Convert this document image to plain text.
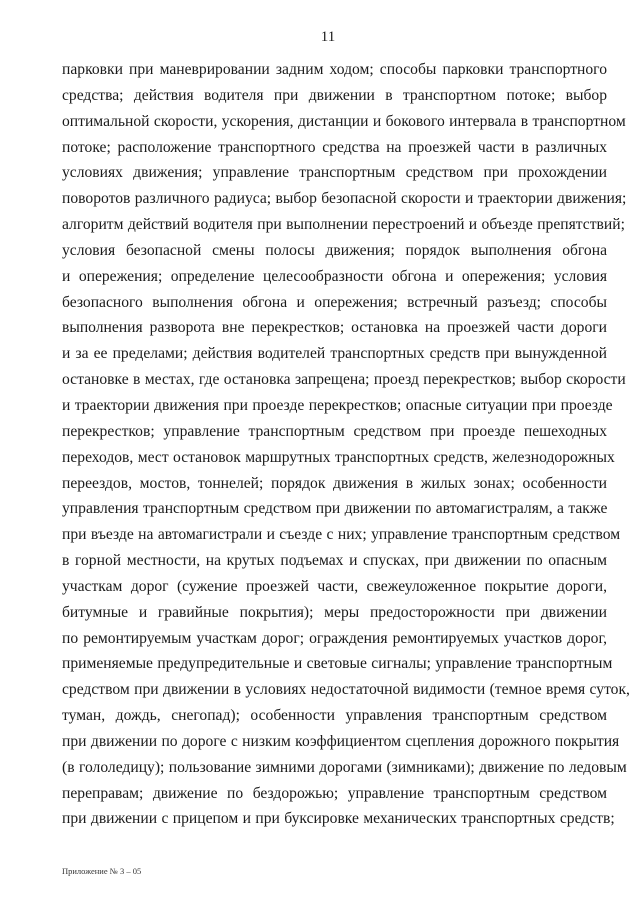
11

парковки при маневрировании задним ходом; способы парковки транспортного
средства; действия водителя при движении в транспортном потоке; выбор
оптимальной скорости, ускорения, дистанции и бокового интервала в транспортном
потоке; расположение транспортного средства на проезжей части в различных
условиях движения; управление транспортным средством при прохождении
поворотов различного радиуса; выбор безопасной скорости и траектории движения;
алгоритм действий водителя при выполнении перестроений и объезде препятствий;
условия безопасной смены полосы движения; порядок выполнения обгона
и опережения; определение целесообразности обгона и опережения; условия
безопасного выполнения обгона и опережения; встречный разъезд; способы
выполнения разворота вне перекрестков; остановка на проезжей части дороги
и за ее пределами; действия водителей транспортных средств при вынужденной
остановке в местах, где остановка запрещена; проезд перекрестков; выбор скорости
и траектории движения при проезде перекрестков; опасные ситуации при проезде
перекрестков; управление транспортным средством при проезде пешеходных
переходов, мест остановок маршрутных транспортных средств, железнодорожных
переездов, мостов, тоннелей; порядок движения в жилых зонах; особенности
управления транспортным средством при движении по автомагистралям, а также
при въезде на автомагистрали и съезде с них; управление транспортным средством
в горной местности, на крутых подъемах и спусках, при движении по опасным
участкам дорог (сужение проезжей части, свежеуложенное покрытие дороги,
битумные и гравийные покрытия); меры предосторожности при движении
по ремонтируемым участкам дорог; ограждения ремонтируемых участков дорог,
применяемые предупредительные и световые сигналы; управление транспортным
средством при движении в условиях недостаточной видимости (темное время суток,
туман, дождь, снегопад); особенности управления транспортным средством
при движении по дороге с низким коэффициентом сцепления дорожного покрытия
(в гололедицу); пользование зимними дорогами (зимниками); движение по ледовым
переправам; движение по бездорожью; управление транспортным средством
при движении с прицепом и при буксировке механических транспортных средств;

Приложение № 3 – 05
